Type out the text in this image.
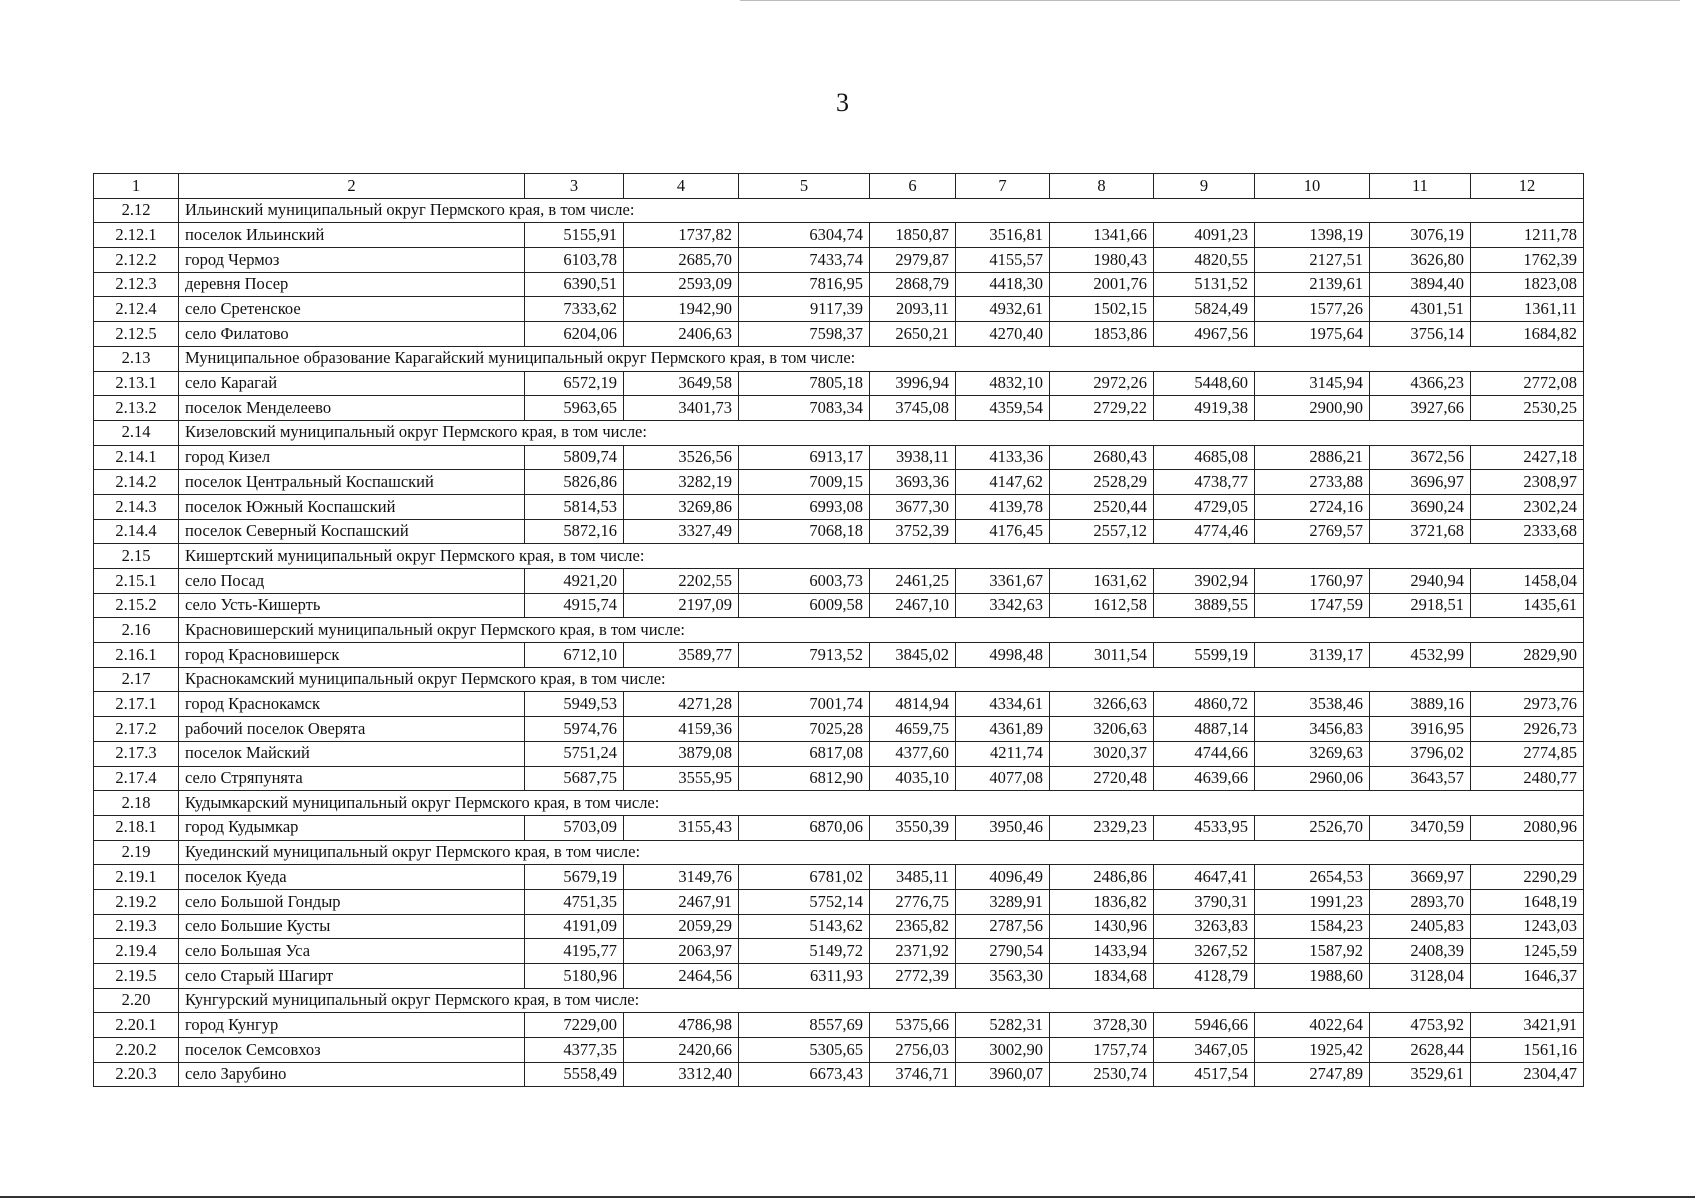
3
1	2	3	4	5	6	7	8	9	10	11	12
2.12	Ильинский муниципальный округ Пермского края, в том числе:										
2.12.1	поселок Ильинский	5155,91	1737,82	6304,74	1850,87	3516,81	1341,66	4091,23	1398,19	3076,19	1211,78
2.12.2	город Чермоз	6103,78	2685,70	7433,74	2979,87	4155,57	1980,43	4820,55	2127,51	3626,80	1762,39
2.12.3	деревня Посер	6390,51	2593,09	7816,95	2868,79	4418,30	2001,76	5131,52	2139,61	3894,40	1823,08
2.12.4	село Сретенское	7333,62	1942,90	9117,39	2093,11	4932,61	1502,15	5824,49	1577,26	4301,51	1361,11
2.12.5	село Филатово	6204,06	2406,63	7598,37	2650,21	4270,40	1853,86	4967,56	1975,64	3756,14	1684,82
2.13	Муниципальное образование Карагайский муниципальный округ Пермского края, в том числе:										
2.13.1	село Карагай	6572,19	3649,58	7805,18	3996,94	4832,10	2972,26	5448,60	3145,94	4366,23	2772,08
2.13.2	поселок Менделеево	5963,65	3401,73	7083,34	3745,08	4359,54	2729,22	4919,38	2900,90	3927,66	2530,25
2.14	Кизеловский муниципальный округ Пермского края, в том числе:										
2.14.1	город Кизел	5809,74	3526,56	6913,17	3938,11	4133,36	2680,43	4685,08	2886,21	3672,56	2427,18
2.14.2	поселок Центральный Коспашский	5826,86	3282,19	7009,15	3693,36	4147,62	2528,29	4738,77	2733,88	3696,97	2308,97
2.14.3	поселок Южный Коспашский	5814,53	3269,86	6993,08	3677,30	4139,78	2520,44	4729,05	2724,16	3690,24	2302,24
2.14.4	поселок Северный Коспашский	5872,16	3327,49	7068,18	3752,39	4176,45	2557,12	4774,46	2769,57	3721,68	2333,68
2.15	Кишертский муниципальный округ Пермского края, в том числе:										
2.15.1	село Посад	4921,20	2202,55	6003,73	2461,25	3361,67	1631,62	3902,94	1760,97	2940,94	1458,04
2.15.2	село Усть-Кишерть	4915,74	2197,09	6009,58	2467,10	3342,63	1612,58	3889,55	1747,59	2918,51	1435,61
2.16	Красновишерский муниципальный округ Пермского края, в том числе:										
2.16.1	город Красновишерск	6712,10	3589,77	7913,52	3845,02	4998,48	3011,54	5599,19	3139,17	4532,99	2829,90
2.17	Краснокамский муниципальный округ Пермского края, в том числе:										
2.17.1	город Краснокамск	5949,53	4271,28	7001,74	4814,94	4334,61	3266,63	4860,72	3538,46	3889,16	2973,76
2.17.2	рабочий поселок Оверята	5974,76	4159,36	7025,28	4659,75	4361,89	3206,63	4887,14	3456,83	3916,95	2926,73
2.17.3	поселок Майский	5751,24	3879,08	6817,08	4377,60	4211,74	3020,37	4744,66	3269,63	3796,02	2774,85
2.17.4	село Стряпунята	5687,75	3555,95	6812,90	4035,10	4077,08	2720,48	4639,66	2960,06	3643,57	2480,77
2.18	Кудымкарский муниципальный округ Пермского края, в том числе:										
2.18.1	город Кудымкар	5703,09	3155,43	6870,06	3550,39	3950,46	2329,23	4533,95	2526,70	3470,59	2080,96
2.19	Куединский муниципальный округ Пермского края, в том числе:										
2.19.1	поселок Куеда	5679,19	3149,76	6781,02	3485,11	4096,49	2486,86	4647,41	2654,53	3669,97	2290,29
2.19.2	село Большой Гондыр	4751,35	2467,91	5752,14	2776,75	3289,91	1836,82	3790,31	1991,23	2893,70	1648,19
2.19.3	село Большие Кусты	4191,09	2059,29	5143,62	2365,82	2787,56	1430,96	3263,83	1584,23	2405,83	1243,03
2.19.4	село Большая Уса	4195,77	2063,97	5149,72	2371,92	2790,54	1433,94	3267,52	1587,92	2408,39	1245,59
2.19.5	село Старый Шагирт	5180,96	2464,56	6311,93	2772,39	3563,30	1834,68	4128,79	1988,60	3128,04	1646,37
2.20	Кунгурский муниципальный округ Пермского края, в том числе:										
2.20.1	город Кунгур	7229,00	4786,98	8557,69	5375,66	5282,31	3728,30	5946,66	4022,64	4753,92	3421,91
2.20.2	поселок Семсовхоз	4377,35	2420,66	5305,65	2756,03	3002,90	1757,74	3467,05	1925,42	2628,44	1561,16
2.20.3	село Зарубино	5558,49	3312,40	6673,43	3746,71	3960,07	2530,74	4517,54	2747,89	3529,61	2304,47
